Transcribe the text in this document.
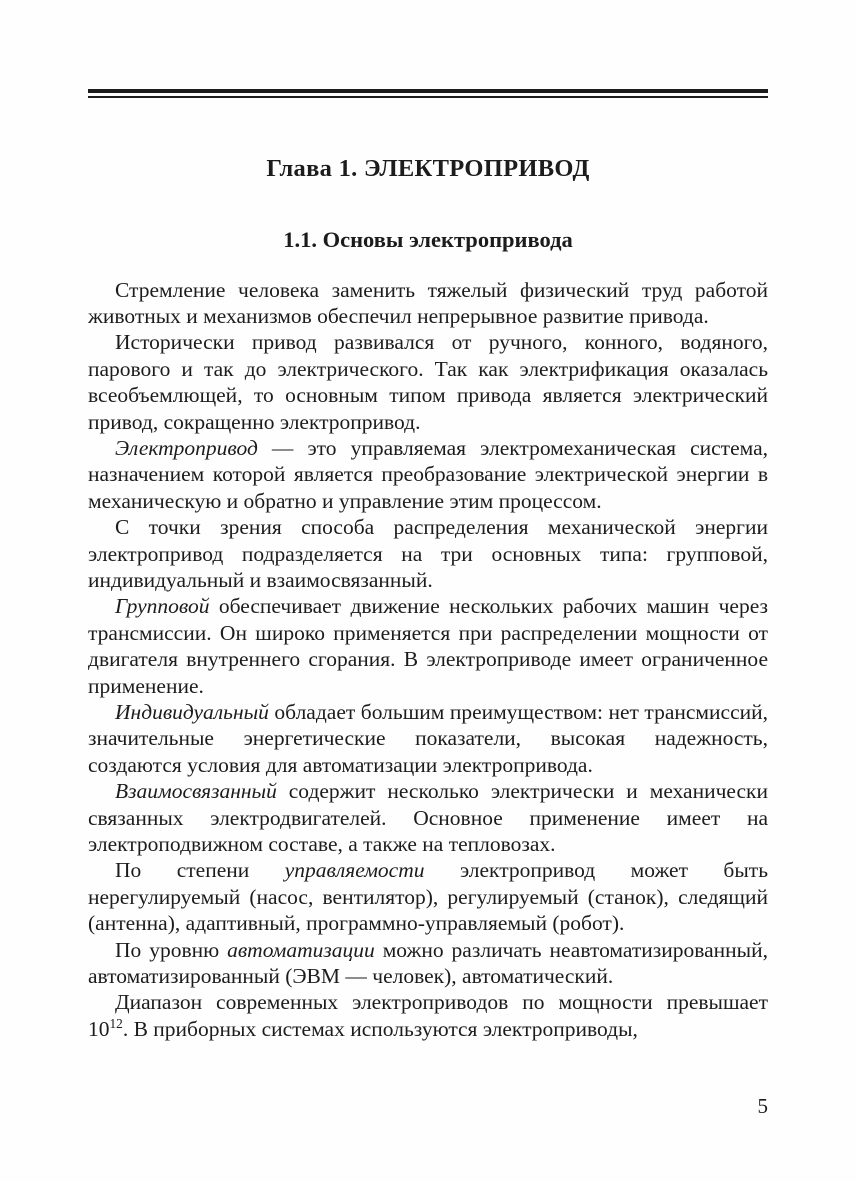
Глава 1. ЭЛЕКТРОПРИВОД
1.1. Основы электропривода

Стремление человека заменить тяжелый физический труд работой животных и механизмов обеспечил непрерывное развитие привода.

Исторически привод развивался от ручного, конного, водяного, парового и так до электрического. Так как электрификация оказалась всеобъемлющей, то основным типом привода является электрический привод, сокращенно электропривод.

Электропривод — это управляемая электромеханическая система, назначением которой является преобразование электрической энергии в механическую и обратно и управление этим процессом.

С точки зрения способа распределения механической энергии электропривод подразделяется на три основных типа: групповой, индивидуальный и взаимосвязанный.

Групповой обеспечивает движение нескольких рабочих машин через трансмиссии. Он широко применяется при распределении мощности от двигателя внутреннего сгорания. В электроприводе имеет ограниченное применение.

Индивидуальный обладает большим преимуществом: нет трансмиссий, значительные энергетические показатели, высокая надежность, создаются условия для автоматизации электропривода.

Взаимосвязанный содержит несколько электрически и механически связанных электродвигателей. Основное применение имеет на электроподвижном составе, а также на тепловозах.

По степени управляемости электропривод может быть нерегулируемый (насос, вентилятор), регулируемый (станок), следящий (антенна), адаптивный, программно-управляемый (робот).

По уровню автоматизации можно различать неавтоматизированный, автоматизированный (ЭВМ — человек), автоматический.

Диапазон современных электроприводов по мощности превышает $10^{12}$. В приборных системах используются электроприводы,

5
